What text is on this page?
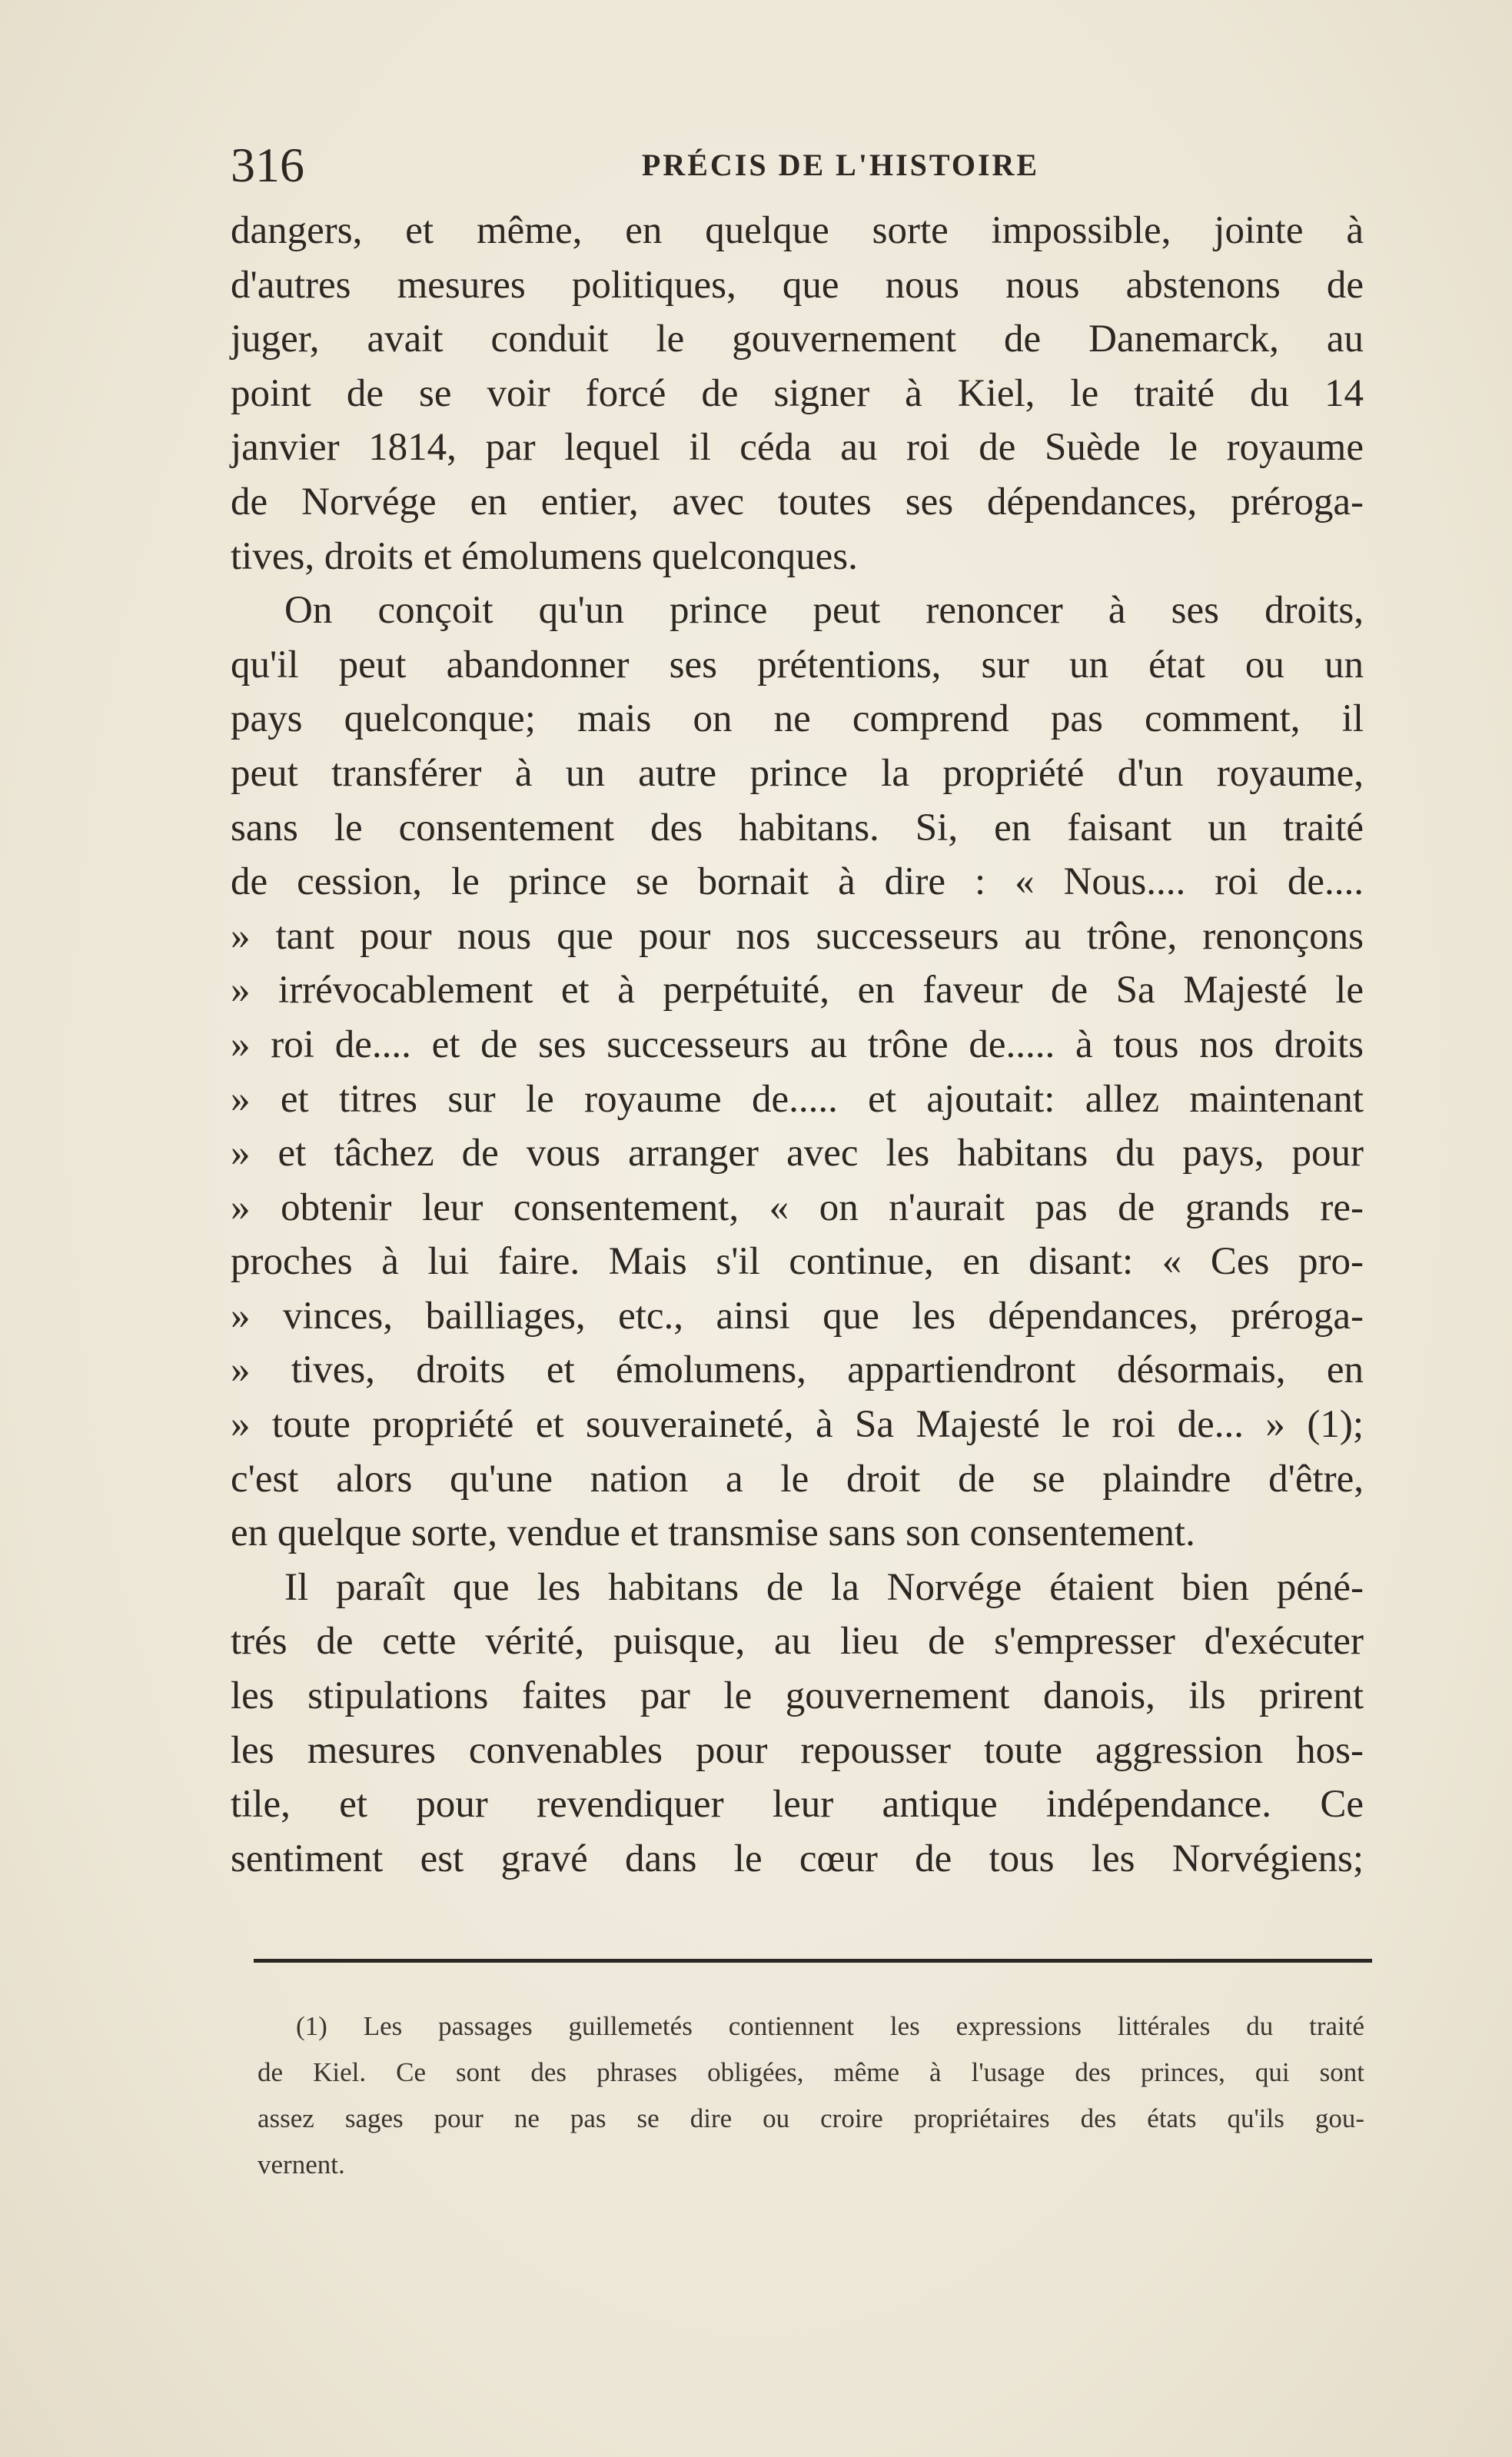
316	PRÉCIS DE L'HISTOIRE
dangers, et même, en quelque sorte impossible, jointe à
d'autres mesures politiques, que nous nous abstenons de
juger, avait conduit le gouvernement de Danemarck, au
point de se voir forcé de signer à Kiel, le traité du 14
janvier 1814, par lequel il céda au roi de Suède le royaume
de Norvége en entier, avec toutes ses dépendances, préroga-
tives, droits et émolumens quelconques.
On conçoit qu'un prince peut renoncer à ses droits,
qu'il peut abandonner ses prétentions, sur un état ou un
pays quelconque; mais on ne comprend pas comment, il
peut transférer à un autre prince la propriété d'un royaume,
sans le consentement des habitans. Si, en faisant un traité
de cession, le prince se bornait à dire : « Nous.... roi de....
» tant pour nous que pour nos successeurs au trône, renonçons
» irrévocablement et à perpétuité, en faveur de Sa Majesté le
» roi de.... et de ses successeurs au trône de..... à tous nos droits
» et titres sur le royaume de..... et ajoutait: allez maintenant
» et tâchez de vous arranger avec les habitans du pays, pour
» obtenir leur consentement, « on n'aurait pas de grands re-
proches à lui faire. Mais s'il continue, en disant: « Ces pro-
» vinces, bailliages, etc., ainsi que les dépendances, préroga-
» tives, droits et émolumens, appartiendront désormais, en
» toute propriété et souveraineté, à Sa Majesté le roi de... » (1);
c'est alors qu'une nation a le droit de se plaindre d'être,
en quelque sorte, vendue et transmise sans son consentement.
Il paraît que les habitans de la Norvége étaient bien péné-
trés de cette vérité, puisque, au lieu de s'empresser d'exécuter
les stipulations faites par le gouvernement danois, ils prirent
les mesures convenables pour repousser toute aggression hos-
tile, et pour revendiquer leur antique indépendance. Ce
sentiment est gravé dans le cœur de tous les Norvégiens;
(1) Les passages guillemetés contiennent les expressions littérales du traité
de Kiel. Ce sont des phrases obligées, même à l'usage des princes, qui sont
assez sages pour ne pas se dire ou croire propriétaires des états qu'ils gou-
vernent.
